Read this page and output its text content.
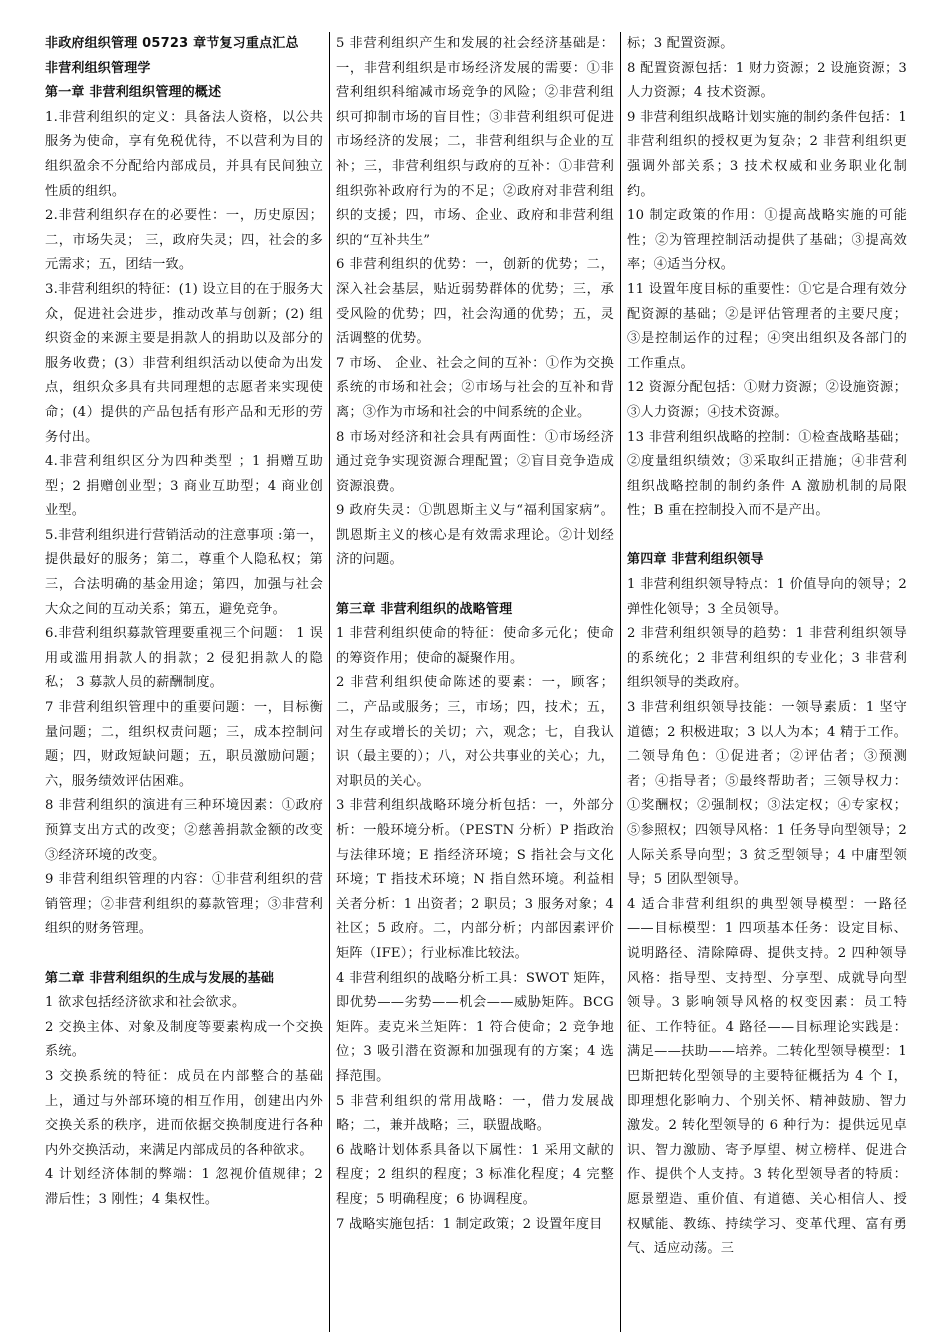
非政府组织管理 05723 章节复习重点汇总

非营利组织管理学

第一章 非营利组织管理的概述

1.非营利组织的定义：具备法人资格，以公共服务为使命，享有免税优待，不以营利为目的组织盈余不分配给内部成员，并具有民间独立性质的组织。

2.非营利组织存在的必要性：一，历史原因；二，市场失灵； 三，政府失灵；四，社会的多元需求；五，团结一致。

3.非营利组织的特征：(1) 设立目的在于服务大众，促进社会进步，推动改革与创新；(2) 组织资金的来源主要是捐款人的捐助以及部分的服务收费；(3）非营利组织活动以使命为出发点，组织众多具有共同理想的志愿者来实现使命；(4）提供的产品包括有形产品和无形的劳务付出。

4.非营利组织区分为四种类型 ；1 捐赠互助型；2 捐赠创业型；3 商业互助型；4 商业创业型。

5.非营利组织进行营销活动的注意事项 :第一，提供最好的服务；第二，尊重个人隐私权；第三，合法明确的基金用途；第四，加强与社会大众之间的互动关系；第五，避免竞争。

6.非营利组织募款管理要重视三个问题： 1 误用或滥用捐款人的捐款；2 侵犯捐款人的隐私； 3 募款人员的薪酬制度。

7 非营利组织管理中的重要问题：一，目标衡量问题；二，组织权责问题；三，成本控制问题；四，财政短缺问题；五，职员激励问题；六，服务绩效评估困难。

8 非营利组织的演进有三种环境因素：①政府预算支出方式的改变；②慈善捐款金额的改变③经济环境的改变。

9 非营利组织管理的内容：①非营利组织的营销管理；②非营利组织的募款管理；③非营利组织的财务管理。

第二章 非营利组织的生成与发展的基础

1 欲求包括经济欲求和社会欲求。

2 交换主体、对象及制度等要素构成一个交换系统。

3 交换系统的特征：成员在内部整合的基础上，通过与外部环境的相互作用，创建出内外交换关系的秩序，进而依据交换制度进行各种内外交换活动，来满足内部成员的各种欲求。

4 计划经济体制的弊端：1 忽视价值规律；2 滞后性；3 刚性；4 集权性。

5 非营利组织产生和发展的社会经济基础是：一，非营利组织是市场经济发展的需要：①非营利组织科缩减市场竞争的风险；②非营利组织可抑制市场的盲目性；③非营利组织可促进市场经济的发展；二，非营利组织与企业的互补；三，非营利组织与政府的互补：①非营利组织弥补政府行为的不足；②政府对非营利组织的支援；四，市场、企业、政府和非营利组织的“互补共生”

6 非营利组织的优势：一，创新的优势；二，深入社会基层，贴近弱势群体的优势；三，承受风险的优势；四，社会沟通的优势；五，灵活调整的优势。

7 市场、 企业、社会之间的互补：①作为交换系统的市场和社会；②市场与社会的互补和背离；③作为市场和社会的中间系统的企业。

8 市场对经济和社会具有两面性：①市场经济通过竞争实现资源合理配置；②盲目竞争造成资源浪费。

9 政府失灵：①凯恩斯主义与“福利国家病”。凯恩斯主义的核心是有效需求理论。②计划经济的问题。

第三章 非营利组织的战略管理

1 非营利组织使命的特征：使命多元化；使命的筹资作用；使命的凝聚作用。

2 非营利组织使命陈述的要素：一，顾客；二，产品或服务；三，市场；四，技术；五，对生存或增长的关切；六，观念；七，自我认识（最主要的）；八，对公共事业的关心；九，对职员的关心。

3 非营利组织战略环境分析包括：一，外部分析：一般环境分析。（PESTN 分析）P 指政治与法律环境；E 指经济环境；S 指社会与文化环境；T 指技术环境；N 指自然环境。利益相关者分析：1 出资者；2 职员；3 服务对象；4 社区；5 政府。二，内部分析；内部因素评价矩阵（IFE）；行业标准比较法。

4 非营利组织的战略分析工具：SWOT 矩阵，即优势——劣势——机会——威胁矩阵。BCG 矩阵。麦克米兰矩阵：1 符合使命；2 竞争地位；3 吸引潜在资源和加强现有的方案；4 选择范围。

5 非营利组织的常用战略：一，借力发展战略；二，兼并战略；三，联盟战略。

6 战略计划体系具备以下属性：1 采用文献的程度；2 组织的程度；3 标准化程度；4 完整程度；5 明确程度；6 协调程度。

7 战略实施包括：1 制定政策；2 设置年度目

标；3 配置资源。

8 配置资源包括：1 财力资源；2 设施资源；3 人力资源；4 技术资源。

9 非营利组织战略计划实施的制约条件包括：1 非营利组织的授权更为复杂；2 非营利组织更强调外部关系；3 技术权威和业务职业化制约。

10 制定政策的作用：①提高战略实施的可能性；②为管理控制活动提供了基础；③提高效率；④适当分权。

11 设置年度目标的重要性：①它是合理有效分配资源的基础；②是评估管理者的主要尺度；③是控制运作的过程；④突出组织及各部门的工作重点。

12 资源分配包括：①财力资源；②设施资源；③人力资源；④技术资源。

13 非营利组织战略的控制：①检查战略基础；②度量组织绩效；③采取纠正措施；④非营利组织战略控制的制约条件 A 激励机制的局限性；B 重在控制投入而不是产出。

第四章 非营利组织领导

1 非营利组织领导特点：1 价值导向的领导；2 弹性化领导；3 全员领导。

2 非营利组织领导的趋势：1 非营利组织领导的系统化；2 非营利组织的专业化；3 非营利组织领导的类政府。

3 非营利组织领导技能：一领导素质：1 坚守道德；2 积极进取；3 以人为本；4 精于工作。二领导角色：①促进者；②评估者；③预测者；④指导者；⑤最终帮助者；三领导权力：①奖酬权；②强制权；③法定权；④专家权；⑤参照权；四领导风格：1 任务导向型领导；2 人际关系导向型；3 贫乏型领导；4 中庸型领导；5 团队型领导。

4 适合非营利组织的典型领导模型：一路径——目标模型：1 四项基本任务：设定目标、说明路径、清除障碍、提供支持。2 四种领导风格：指导型、支持型、分享型、成就导向型领导。3 影响领导风格的权变因素：员工特征、工作特征。4 路径——目标理论实践是：满足——扶助——培养。二转化型领导模型：1 巴斯把转化型领导的主要特征概括为 4 个 I，即理想化影响力、个别关怀、精神鼓励、智力激发。2 转化型领导的 6 种行为：提供远见卓识、智力激励、寄予厚望、树立榜样、促进合作、提供个人支持。3 转化型领导者的特质：愿景塑造、重价值、有道德、关心相信人、授权赋能、教练、持续学习、变革代理、富有勇气、适应动荡。三
